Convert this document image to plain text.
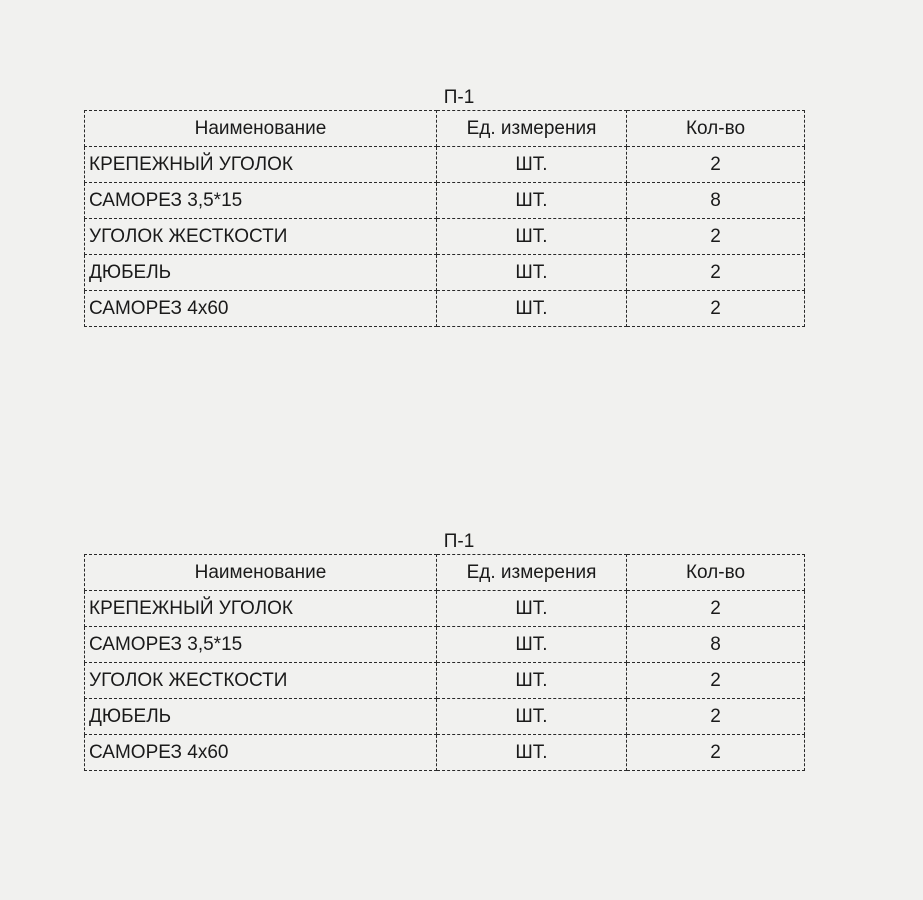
П-1
Наименование	Ед. измерения	Кол-во
КРЕПЕЖНЫЙ УГОЛОК	ШТ.	2
САМОРЕЗ 3,5*15	ШТ.	8
УГОЛОК ЖЕСТКОСТИ	ШТ.	2
ДЮБЕЛЬ	ШТ.	2
САМОРЕЗ 4x60	ШТ.	2
П-1
Наименование	Ед. измерения	Кол-во
КРЕПЕЖНЫЙ УГОЛОК	ШТ.	2
САМОРЕЗ 3,5*15	ШТ.	8
УГОЛОК ЖЕСТКОСТИ	ШТ.	2
ДЮБЕЛЬ	ШТ.	2
САМОРЕЗ 4x60	ШТ.	2
